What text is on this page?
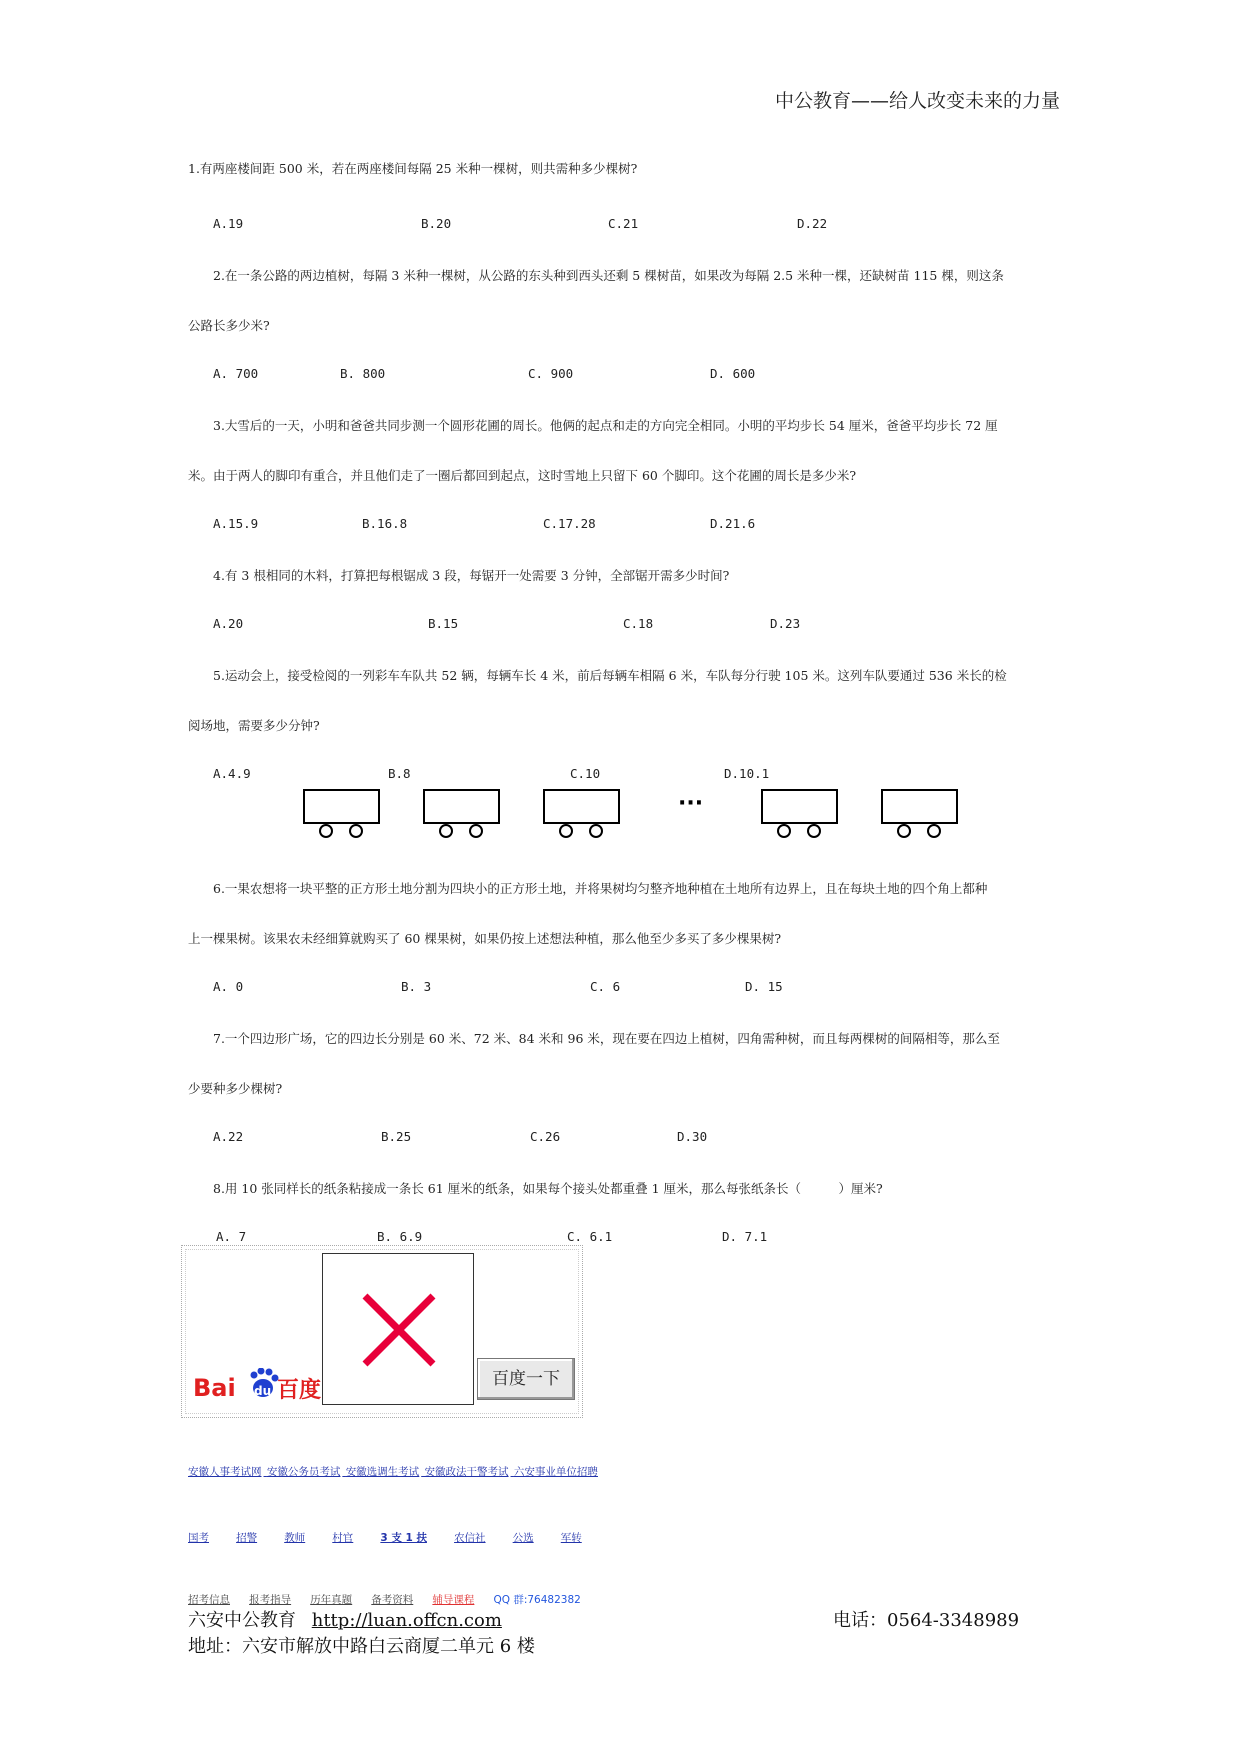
中公教育——给人改变未来的力量
1.有两座楼间距 500 米，若在两座楼间每隔 25 米种一棵树，则共需种多少棵树?
A.19	B.20	C.21	D.22
2.在一条公路的两边植树，每隔 3 米种一棵树，从公路的东头种到西头还剩 5 棵树苗，如果改为每隔 2.5 米种一棵，还缺树苗 115 棵，则这条
公路长多少米?
A. 700	B. 800	C. 900	D. 600
3.大雪后的一天，小明和爸爸共同步测一个圆形花圃的周长。他俩的起点和走的方向完全相同。小明的平均步长 54 厘米，爸爸平均步长 72 厘
米。由于两人的脚印有重合，并且他们走了一圈后都回到起点，这时雪地上只留下 60 个脚印。这个花圃的周长是多少米?
A.15.9	B.16.8	C.17.28	D.21.6
4.有 3 根相同的木料，打算把每根锯成 3 段，每锯开一处需要 3 分钟，全部锯开需多少时间?
A.20	B.15	C.18	D.23
5.运动会上，接受检阅的一列彩车车队共 52 辆，每辆车长 4 米，前后每辆车相隔 6 米，车队每分行驶 105 米。这列车队要通过 536 米长的检
阅场地，需要多少分钟?
A.4.9	B.8	C.10	D.10.1
···
6.一果农想将一块平整的正方形土地分割为四块小的正方形土地，并将果树均匀整齐地种植在土地所有边界上，且在每块土地的四个角上都种
上一棵果树。该果农未经细算就购买了 60 棵果树，如果仍按上述想法种植，那么他至少多买了多少棵果树?
A. 0	B. 3	C. 6	D. 15
7.一个四边形广场，它的四边长分别是 60 米、72 米、84 米和 96 米，现在要在四边上植树，四角需种树，而且每两棵树的间隔相等，那么至
少要种多少棵树?
A.22	B.25	C.26	D.30
8.用 10 张同样长的纸条粘接成一条长 61 厘米的纸条，如果每个接头处都重叠 1 厘米，那么每张纸条长（　　　）厘米?
A. 7	B. 6.9	C. 6.1	D. 7.1
Bai du 百度	百度一下
安徽人事考试网 安徽公务员考试 安徽选调生考试 安徽政法干警考试 六安事业单位招聘
国考	招警	教师	村官	3 支 1 扶	农信社	公选	军转
招考信息 报考指导 历年真题 备考资料 辅导课程 QQ 群:76482382
六安中公教育 http://luan.offcn.com	电话：0564-3348989
地址：六安市解放中路白云商厦二单元 6 楼
